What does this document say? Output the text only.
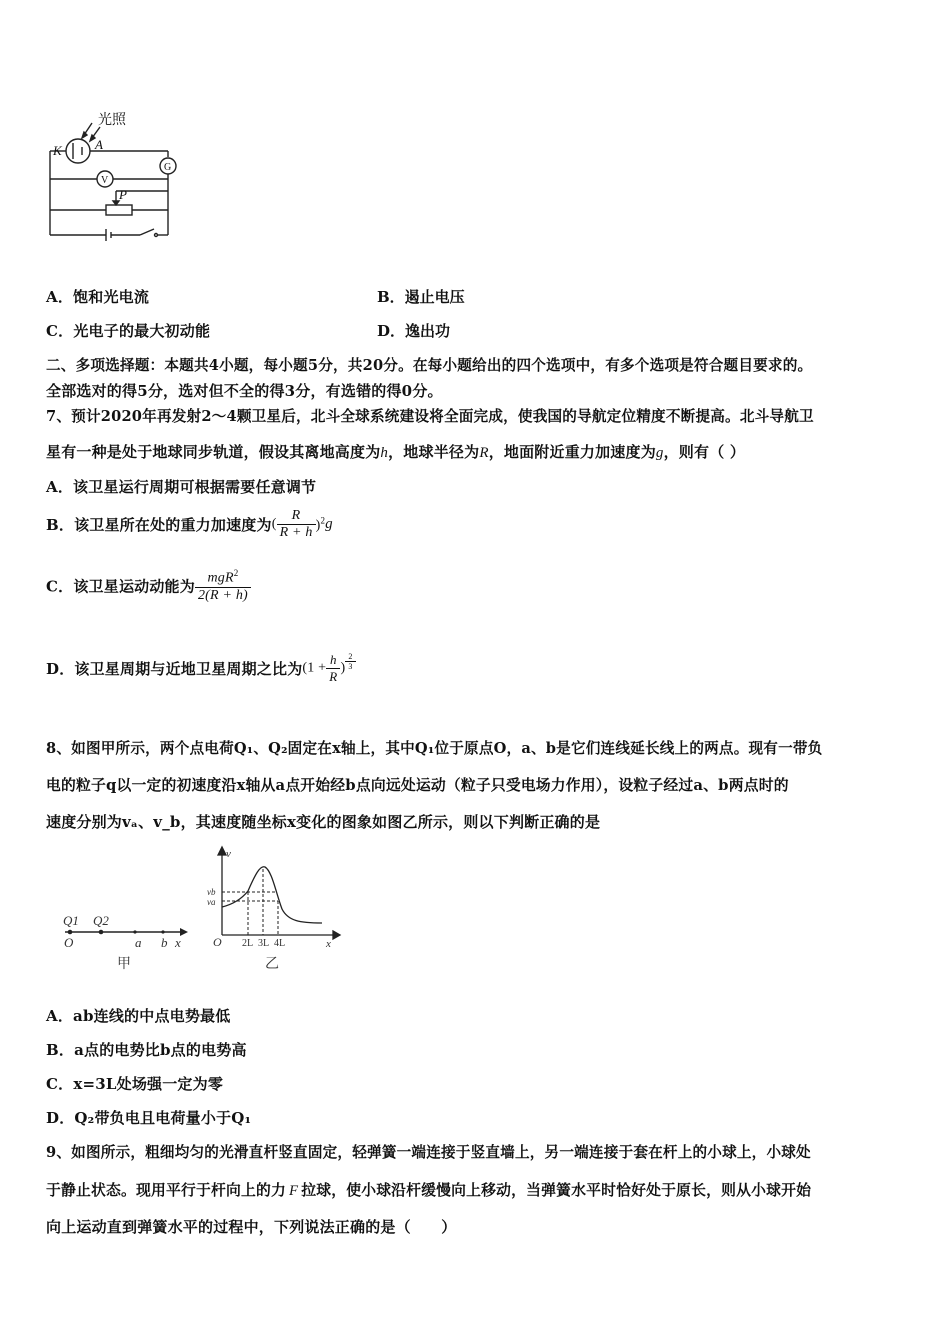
光照
K	A
V
G
P
A．饱和光电流	B．遏止电压
C．光电子的最大初动能	D．逸出功
二、多项选择题：本题共4小题，每小题5分，共20分。在每小题给出的四个选项中，有多个选项是符合题目要求的。
全部选对的得5分，选对但不全的得3分，有选错的得0分。
7、预计2020年再发射2～4颗卫星后，北斗全球系统建设将全面完成，使我国的导航定位精度不断提高。北斗导航卫
星有一种是处于地球同步轨道，假设其离地高度为h，地球半径为R，地面附近重力加速度为g，则有（ ）
A．该卫星运行周期可根据需要任意调节
B．该卫星所在处的重力加速度为( $\frac{R}{R + h} )^2g$
C．该卫星运动动能为 $\frac{mgR^2}{2(R + h)}$
D．该卫星周期与近地卫星周期之比为($1 + \frac{h}{R}$ ) $\frac{2}{3}$
8、如图甲所示，两个点电荷Q₁、Q₂固定在x轴上，其中Q₁位于原点O，a、b是它们连线延长线上的两点。现有一带负
电的粒子q以一定的初速度沿x轴从a点开始经b点向远处运动（粒子只受电场力作用），设粒子经过a、b两点时的
速度分别为vₐ、v_b，其速度随坐标x变化的图象如图乙所示，则以下判断正确的是
Q1 Q2
O	a b x
甲
v
vb
va
O 2L 3L 4L	x
乙
A．ab连线的中点电势最低
B．a点的电势比b点的电势高
C．x=3L处场强一定为零
D．Q₂带负电且电荷量小于Q₁
9、如图所示，粗细均匀的光滑直杆竖直固定，轻弹簧一端连接于竖直墙上，另一端连接于套在杆上的小球上，小球处
于静止状态。现用平行于杆向上的力 F 拉球，使小球沿杆缓慢向上移动，当弹簧水平时恰好处于原长，则从小球开始
向上运动直到弹簧水平的过程中，下列说法正确的是（　　）
